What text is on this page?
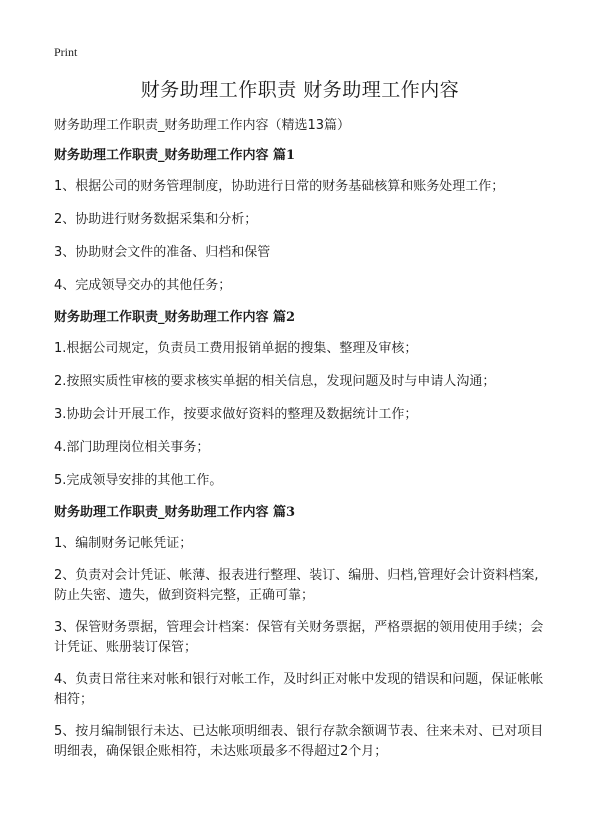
Print
财务助理工作职责 财务助理工作内容
财务助理工作职责_财务助理工作内容（精选13篇）
财务助理工作职责_财务助理工作内容 篇1
1、根据公司的财务管理制度，协助进行日常的财务基础核算和账务处理工作；
2、协助进行财务数据采集和分析；
3、协助财会文件的准备、归档和保管
4、完成领导交办的其他任务；
财务助理工作职责_财务助理工作内容 篇2
1.根据公司规定，负责员工费用报销单据的搜集、整理及审核；
2.按照实质性审核的要求核实单据的相关信息，发现问题及时与申请人沟通；
3.协助会计开展工作，按要求做好资料的整理及数据统计工作；
4.部门助理岗位相关事务；
5.完成领导安排的其他工作。
财务助理工作职责_财务助理工作内容 篇3
1、编制财务记帐凭证；
2、负责对会计凭证、帐薄、报表进行整理、装订、编册、归档,管理好会计资料档案,防止失密、遗失，做到资料完整，正确可靠；
3、保管财务票据，管理会计档案：保管有关财务票据，严格票据的领用使用手续；会计凭证、账册装订保管；
4、负责日常往来对帐和银行对帐工作，及时纠正对帐中发现的错误和问题，保证帐帐相符；
5、按月编制银行未达、已达帐项明细表、银行存款余额调节表、往来未对、已对项目明细表，确保银企账相符，未达账项最多不得超过2个月；
